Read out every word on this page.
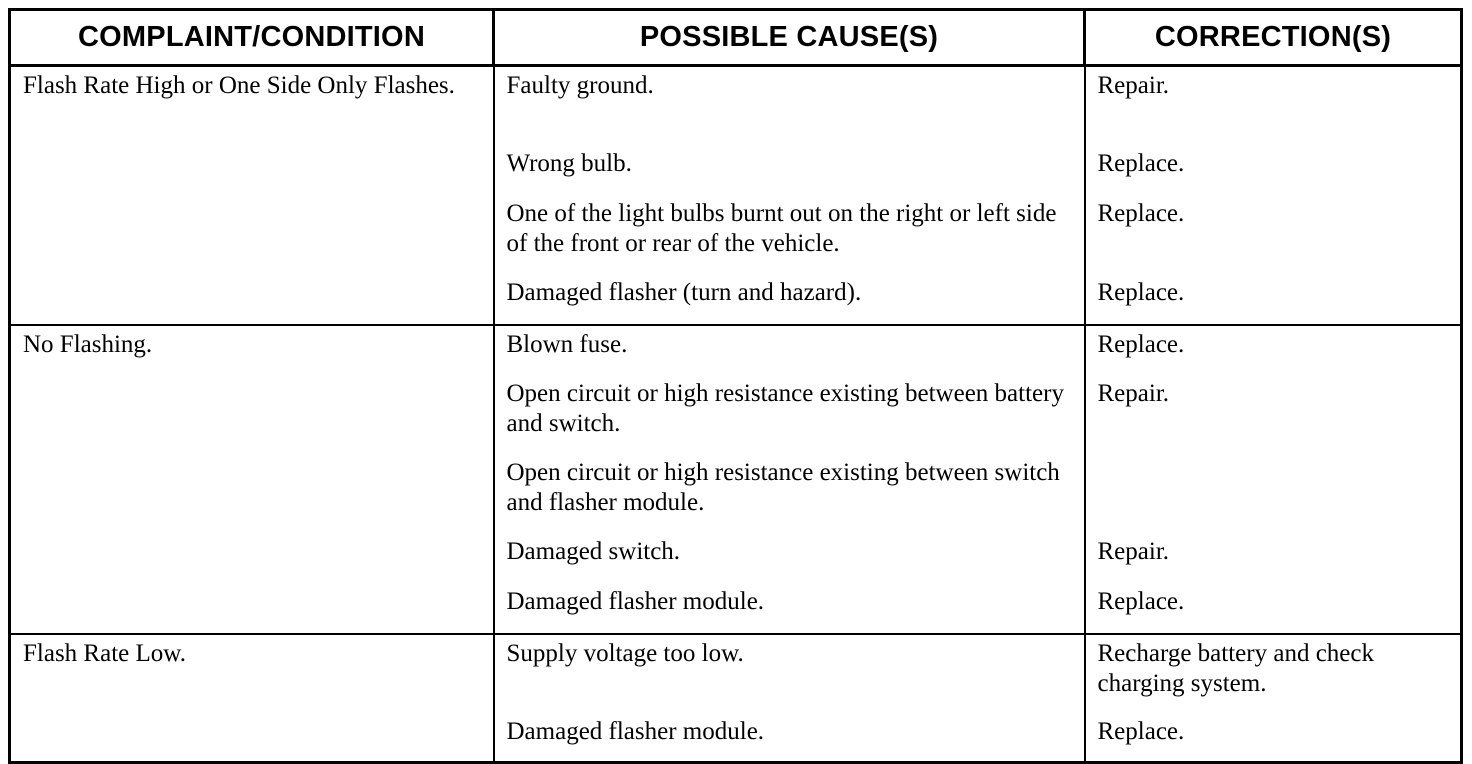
COMPLAINT/CONDITION	POSSIBLE CAUSE(S)	CORRECTION(S)
Flash Rate High or One Side Only Flashes.	Faulty ground.	Repair.
	Wrong bulb.	Replace.
	One of the light bulbs burnt out on the right or left side of the front or rear of the vehicle.	Replace.
	Damaged flasher (turn and hazard).	Replace.
No Flashing.	Blown fuse.	Replace.
	Open circuit or high resistance existing between battery and switch.	Repair.
	Open circuit or high resistance existing between switch and flasher module.	
	Damaged switch.	Repair.
	Damaged flasher module.	Replace.
Flash Rate Low.	Supply voltage too low.	Recharge battery and check charging system.
	Damaged flasher module.	Replace.
